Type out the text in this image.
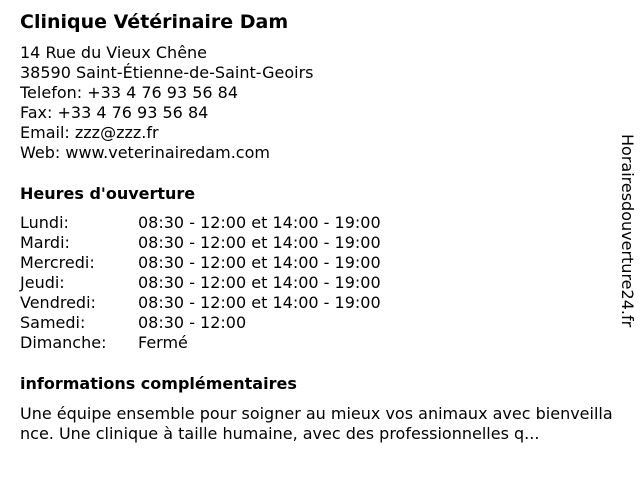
Clinique Vétérinaire Dam
14 Rue du Vieux Chêne
38590 Saint-Étienne-de-Saint-Geoirs
Telefon: +33 4 76 93 56 84
Fax: +33 4 76 93 56 84
Email: zzz@zzz.fr
Web: www.veterinairedam.com
Heures d'ouverture
Lundi:	08:30 - 12:00 et 14:00 - 19:00
Mardi:	08:30 - 12:00 et 14:00 - 19:00
Mercredi:	08:30 - 12:00 et 14:00 - 19:00
Jeudi:	08:30 - 12:00 et 14:00 - 19:00
Vendredi:	08:30 - 12:00 et 14:00 - 19:00
Samedi:	08:30 - 12:00
Dimanche: Fermé
informations complémentaires
Une équipe ensemble pour soigner au mieux vos animaux avec bienveillance. Une clinique à taille humaine, avec des professionnelles q...
Horairesdouverture24.fr
